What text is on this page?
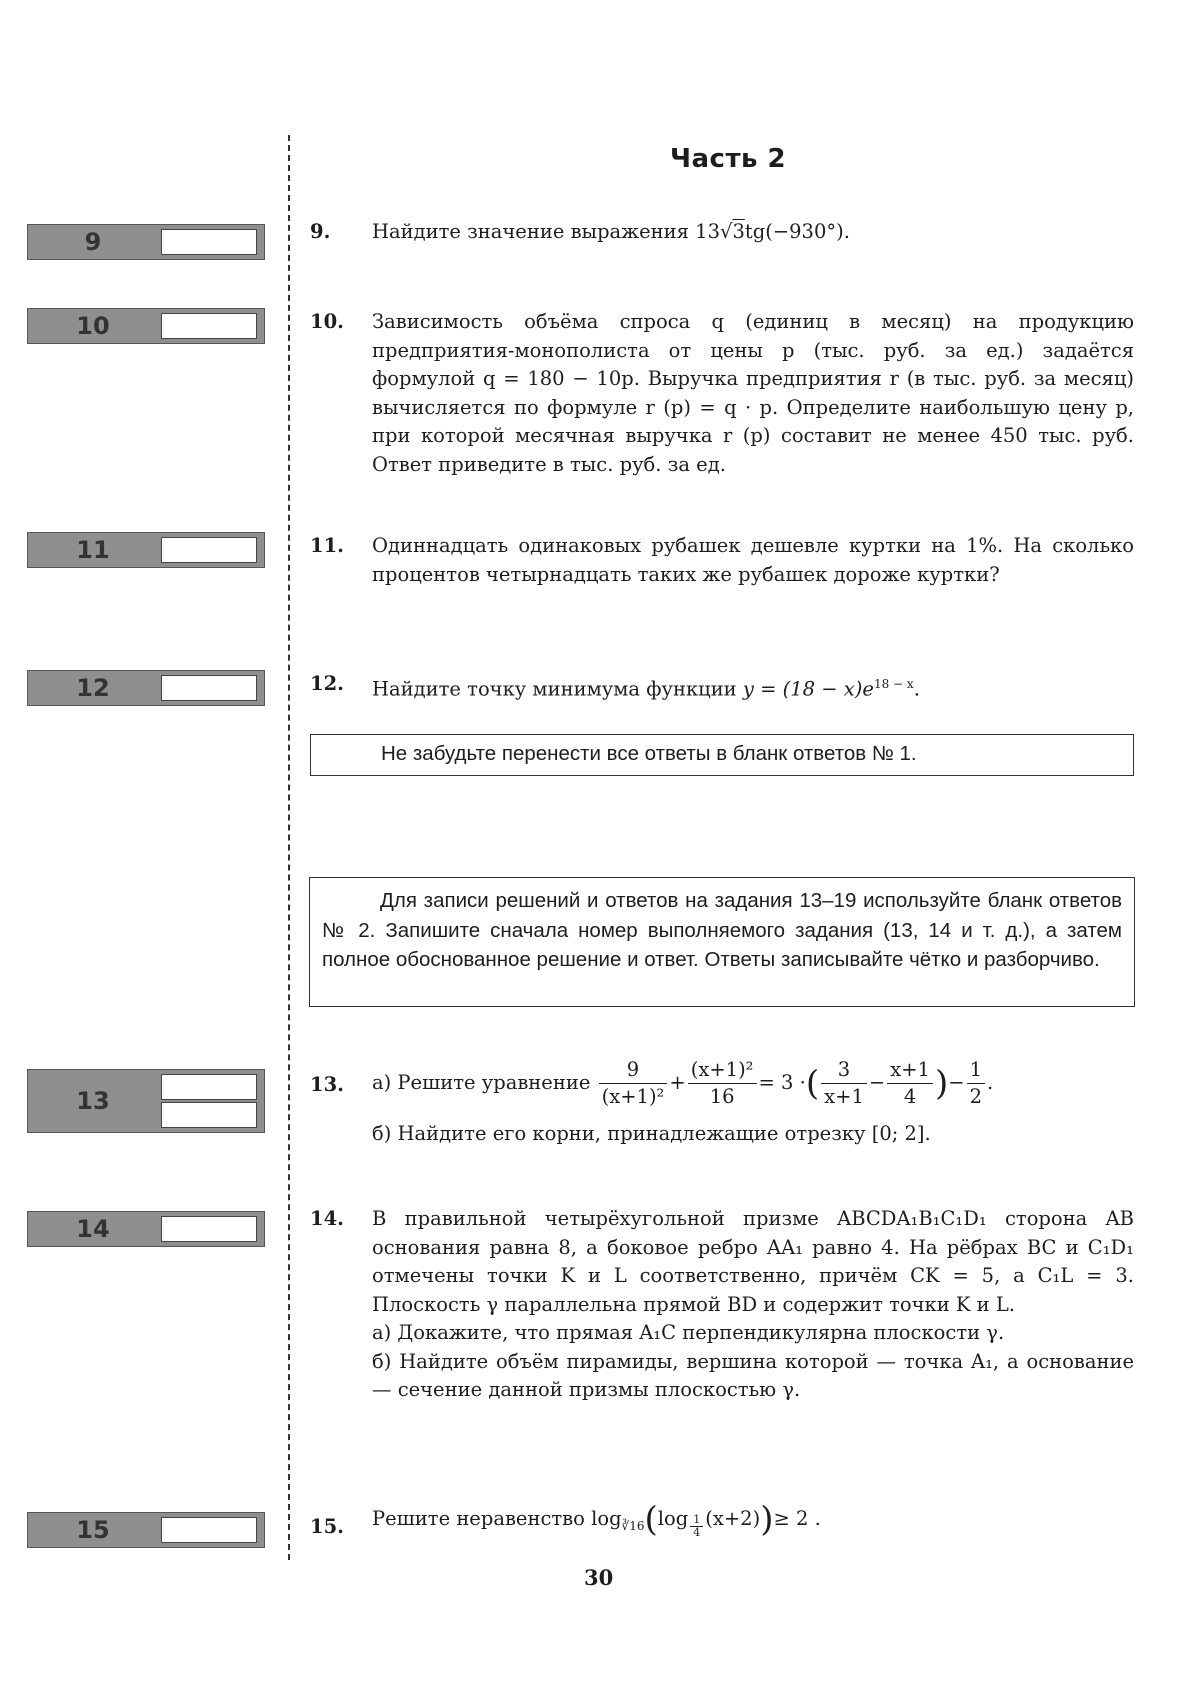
Часть 2
9
10
11
12
13
14
15
9. Найдите значение выражения 13√3tg(−930°).
10. Зависимость объёма спроса q (единиц в месяц) на продукцию предприятия-монополиста от цены p (тыс. руб. за ед.) задаётся формулой q = 180 − 10p. Выручка предприятия r (в тыс. руб. за месяц) вычисляется по формуле r (p) = q · p. Определите наибольшую цену p, при которой месячная выручка r (p) составит не менее 450 тыс. руб. Ответ приведите в тыс. руб. за ед.
11. Одиннадцать одинаковых рубашек дешевле куртки на 1%. На сколько процентов четырнадцать таких же рубашек дороже куртки?
12. Найдите точку минимума функции $y = (18 - x)e^{18 - x}$.
Не забудьте перенести все ответы в бланк ответов № 1.
Для записи решений и ответов на задания 13–19 используйте бланк ответов № 2. Запишите сначала номер выполняемого задания (13, 14 и т. д.), а затем полное обоснованное решение и ответ. Ответы записывайте чётко и разборчиво.
13. а) Решите уравнение $\frac{9}{\text{(x+1)²}} + \frac{\text{(x+1)²}}{16} = 3$ ·( $\frac{3}{x+1} - \frac{x+1}{4}$ )− $\frac{1}{2}$ .
б) Найдите его корни, принадлежащие отрезку [0; 2].
14. В правильной четырёхугольной призме ABCDA₁B₁C₁D₁ сторона AB основания равна 8, а боковое ребро AA₁ равно 4. На рёбрах BC и C₁D₁ отмечены точки K и L соответственно, причём CK = 5, а C₁L = 3. Плоскость γ параллельна прямой BD и содержит точки K и L.
а) Докажите, что прямая A₁C перпендикулярна плоскости γ.
б) Найдите объём пирамиды, вершина которой — точка A₁, а основание — сечение данной призмы плоскостью γ.
15. Решите неравенство $\log_{∛16}(\log$ $_{\frac{1}{4}}$ (x+2))≥ 2 .
30
